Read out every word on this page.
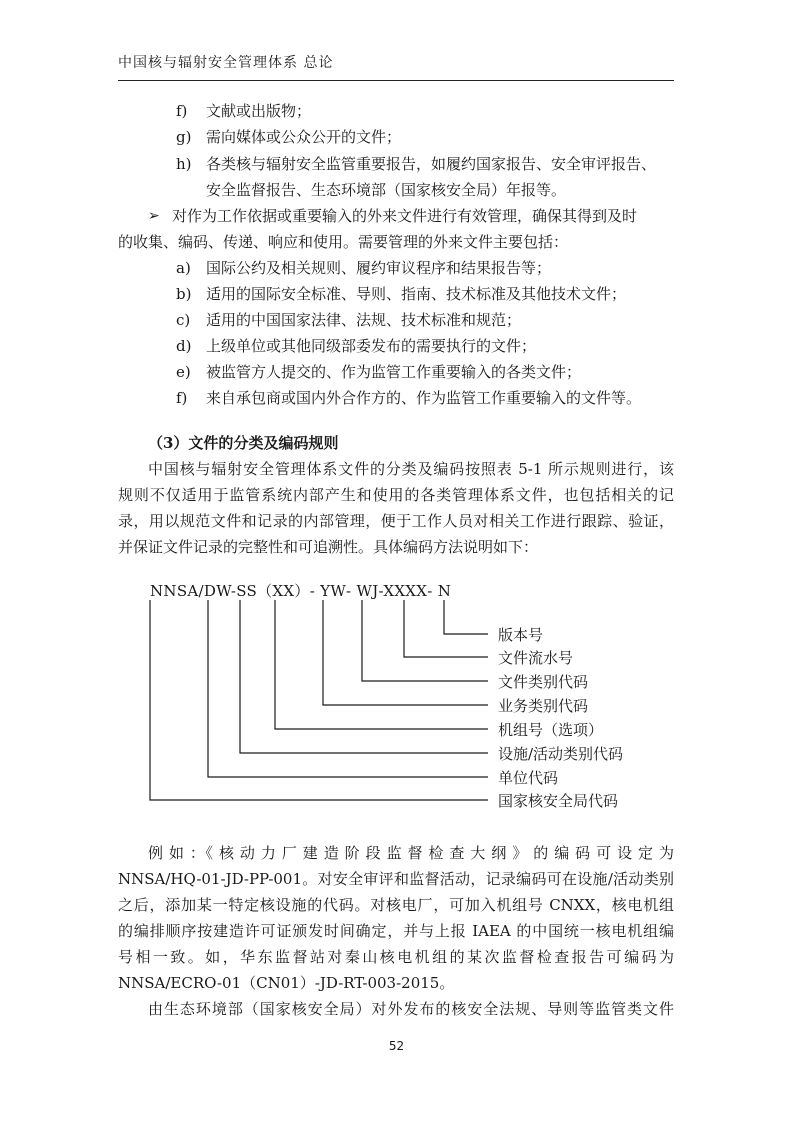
中国核与辐射安全管理体系 总论
f) 文献或出版物；
g) 需向媒体或公众公开的文件；
h) 各类核与辐射安全监管重要报告，如履约国家报告、安全审评报告、
安全监督报告、生态环境部（国家核安全局）年报等。
➢ 对作为工作依据或重要输入的外来文件进行有效管理，确保其得到及时
的收集、编码、传递、响应和使用。需要管理的外来文件主要包括：
a) 国际公约及相关规则、履约审议程序和结果报告等；
b) 适用的国际安全标准、导则、指南、技术标准及其他技术文件；
c) 适用的中国国家法律、法规、技术标准和规范；
d) 上级单位或其他同级部委发布的需要执行的文件；
e) 被监管方人提交的、作为监管工作重要输入的各类文件；
f) 来自承包商或国内外合作方的、作为监管工作重要输入的文件等。
（3）文件的分类及编码规则
中国核与辐射安全管理体系文件的分类及编码按照表 5-1 所示规则进行，该
规则不仅适用于监管系统内部产生和使用的各类管理体系文件，也包括相关的记
录，用以规范文件和记录的内部管理，便于工作人员对相关工作进行跟踪、验证，
并保证文件记录的完整性和可追溯性。具体编码方法说明如下：
NNSA/DW-SS（XX）- YW- WJ-XXXX- N
版本号
文件流水号
文件类别代码
业务类别代码
机组号（选项）
设施/活动类别代码
单位代码
国家核安全局代码
例 如 ：《 核 动 力 厂 建 造 阶 段 监 督 检 查 大 纲 》 的 编 码 可 设 定 为
NNSA/HQ-01-JD-PP-001。对安全审评和监督活动，记录编码可在设施/活动类别
之后，添加某一特定核设施的代码。对核电厂，可加入机组号 CNXX，核电机组
的编排顺序按建造许可证颁发时间确定，并与上报 IAEA 的中国统一核电机组编
号相一致。如，华东监督站对秦山核电机组的某次监督检查报告可编码为
NNSA/ECRO-01（CN01）-JD-RT-003-2015。
由生态环境部（国家核安全局）对外发布的核安全法规、导则等监管类文件
52
